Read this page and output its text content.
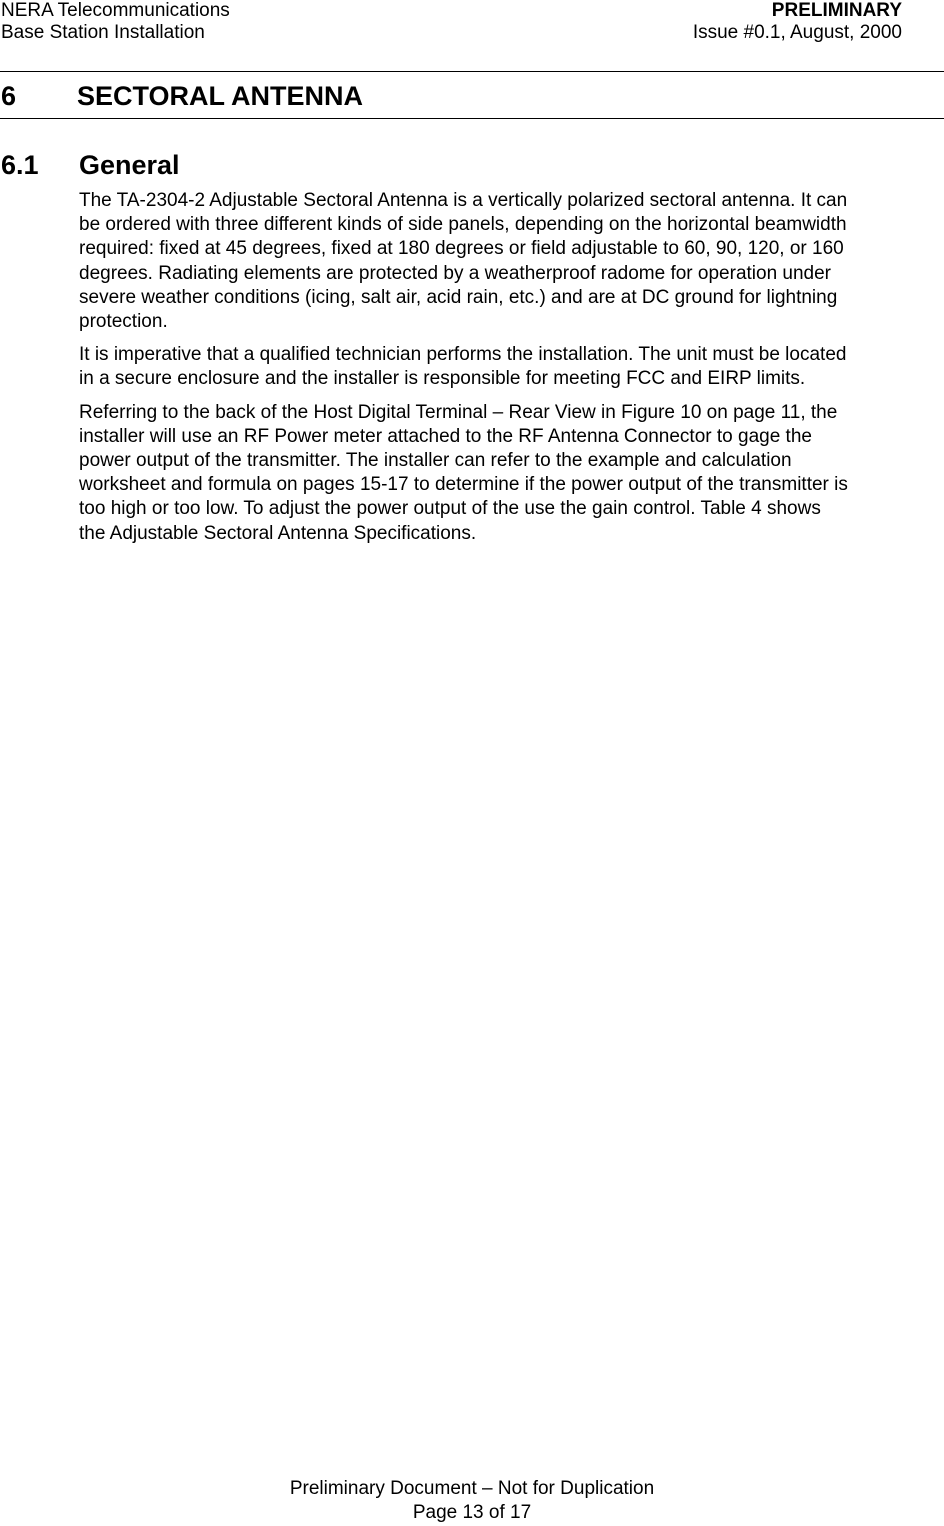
NERA Telecommunications
Base Station Installation
PRELIMINARY
Issue #0.1, August, 2000
6 SECTORAL ANTENNA
6.1 General

The TA-2304-2 Adjustable Sectoral Antenna is a vertically polarized sectoral antenna. It can
be ordered with three different kinds of side panels, depending on the horizontal beamwidth
required: fixed at 45 degrees, fixed at 180 degrees or field adjustable to 60, 90, 120, or 160
degrees. Radiating elements are protected by a weatherproof radome for operation under
severe weather conditions (icing, salt air, acid rain, etc.) and are at DC ground for lightning
protection.

It is imperative that a qualified technician performs the installation. The unit must be located
in a secure enclosure and the installer is responsible for meeting FCC and EIRP limits.

Referring to the back of the Host Digital Terminal – Rear View in Figure 10 on page 11, the
installer will use an RF Power meter attached to the RF Antenna Connector to gage the
power output of the transmitter. The installer can refer to the example and calculation
worksheet and formula on pages 15-17 to determine if the power output of the transmitter is
too high or too low. To adjust the power output of the use the gain control. Table 4 shows
the Adjustable Sectoral Antenna Specifications.

Preliminary Document – Not for Duplication
Page 13 of 17
